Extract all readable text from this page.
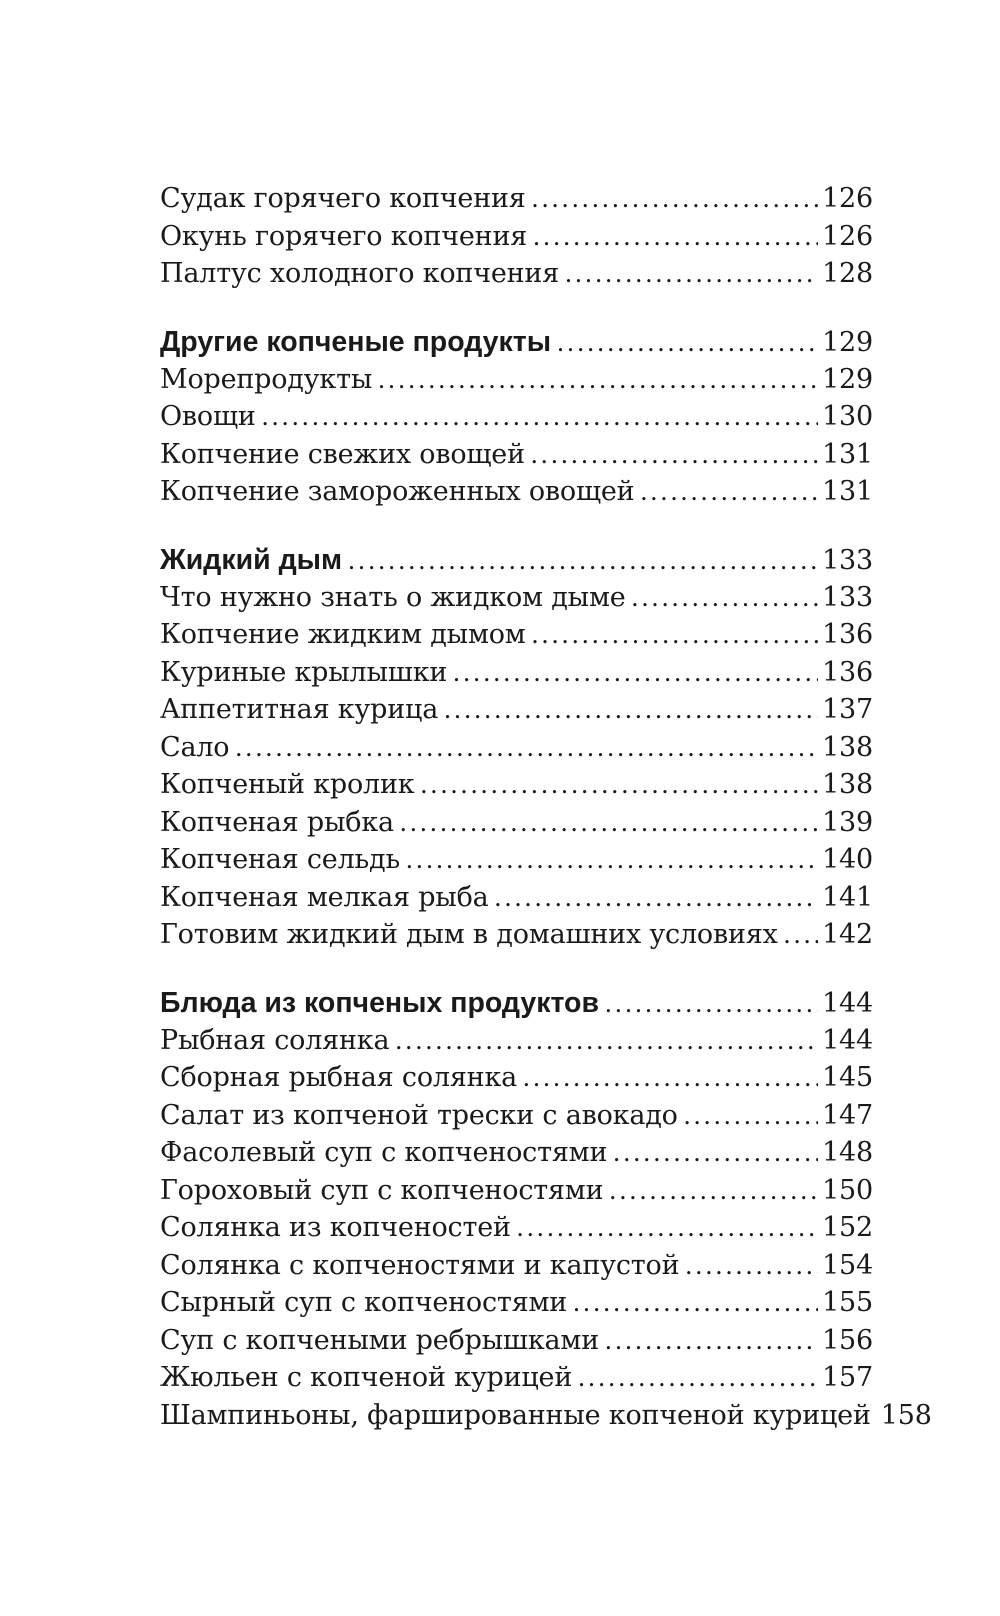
Судак горячего копчения .....	126
Окунь горячего копчения .....	126
Палтус холодного копчения .....	128
Другие копченые продукты .....	129
Морепродукты .....	129
Овощи .....	130
Копчение свежих овощей .....	131
Копчение замороженных овощей .....	131
Жидкий дым .....	133
Что нужно знать о жидком дыме .....	133
Копчение жидким дымом .....	136
Куриные крылышки .....	136
Аппетитная курица .....	137
Сало .....	138
Копченый кролик .....	138
Копченая рыбка .....	139
Копченая сельдь .....	140
Копченая мелкая рыба .....	141
Готовим жидкий дым в домашних условиях ..... 142
Блюда из копченых продуктов .....	144
Рыбная солянка .....	144
Сборная рыбная солянка .....	145
Салат из копченой трески с авокадо .....	147
Фасолевый суп с копченостями .....	148
Гороховый суп с копченостями .....	150
Солянка из копченостей .....	152
Солянка с копченостями и капустой .....	154
Сырный суп с копченостями .....	155
Суп с копчеными ребрышками .....	156
Жюльен с копченой курицей .....	157
Шампиньоны, фаршированные копченой курицей 158
